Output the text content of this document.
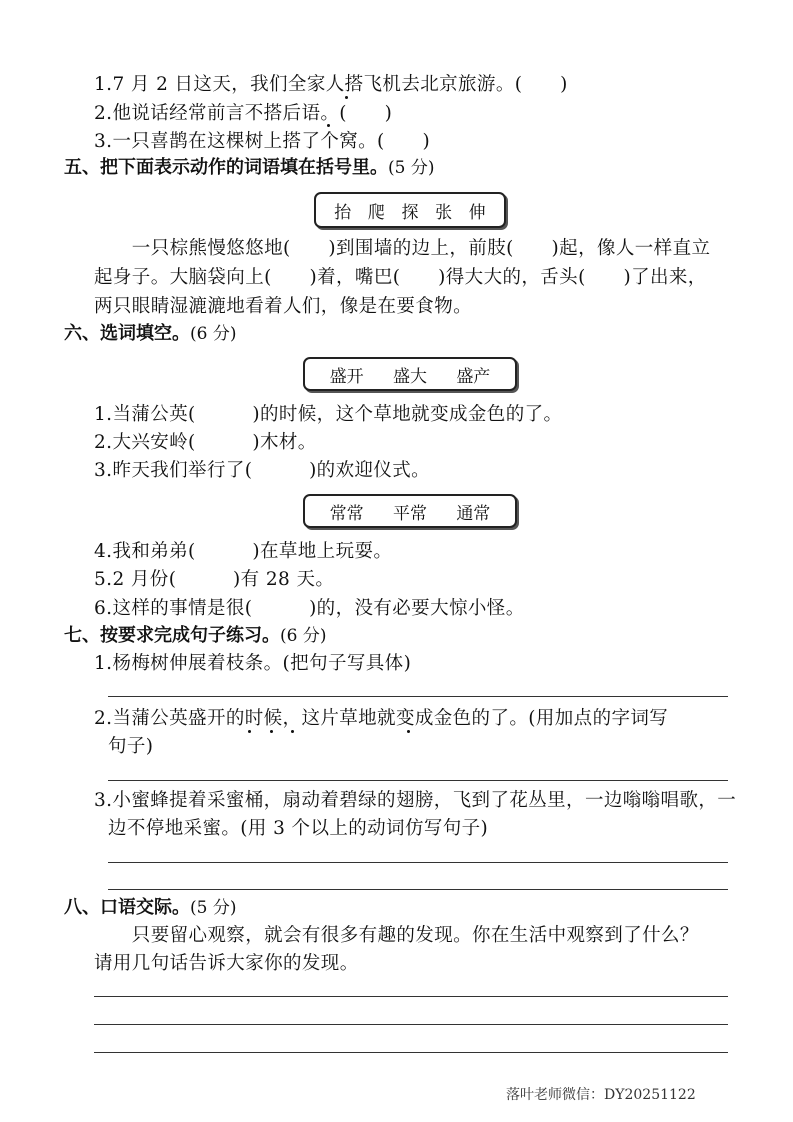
1.7 月 2 日这天，我们全家人搭飞机去北京旅游。(　　)
2.他说话经常前言不搭后语。(　　)
3.一只喜鹊在这棵树上搭了个窝。(　　)
五、把下面表示动作的词语填在括号里。(5 分)
抬 爬 探 张 伸
　　一只棕熊慢悠悠地(　　)到围墙的边上，前肢(　　)起，像人一样直立
起身子。大脑袋向上(　　)着，嘴巴(　　)得大大的，舌头(　　)了出来，
两只眼睛湿漉漉地看着人们，像是在要食物。
六、选词填空。(6 分)
盛开 盛大 盛产
1.当蒲公英(　　　)的时候，这个草地就变成金色的了。
2.大兴安岭(　　　)木材。
3.昨天我们举行了(　　　)的欢迎仪式。
常常 平常 通常
4.我和弟弟(　　　)在草地上玩耍。
5.2 月份(　　　)有 28 天。
6.这样的事情是很(　　　)的，没有必要大惊小怪。
七、按要求完成句子练习。(6 分)
1.杨梅树伸展着枝条。(把句子写具体)
2.当蒲公英盛开的时候，这片草地就变成金色的了。(用加点的字词写
句子)
3.小蜜蜂提着采蜜桶，扇动着碧绿的翅膀，飞到了花丛里，一边嗡嗡唱歌，一
边不停地采蜜。(用 3 个以上的动词仿写句子)
八、口语交际。(5 分)
　　只要留心观察，就会有很多有趣的发现。你在生活中观察到了什么？
请用几句话告诉大家你的发现。
落叶老师微信：DY20251122
